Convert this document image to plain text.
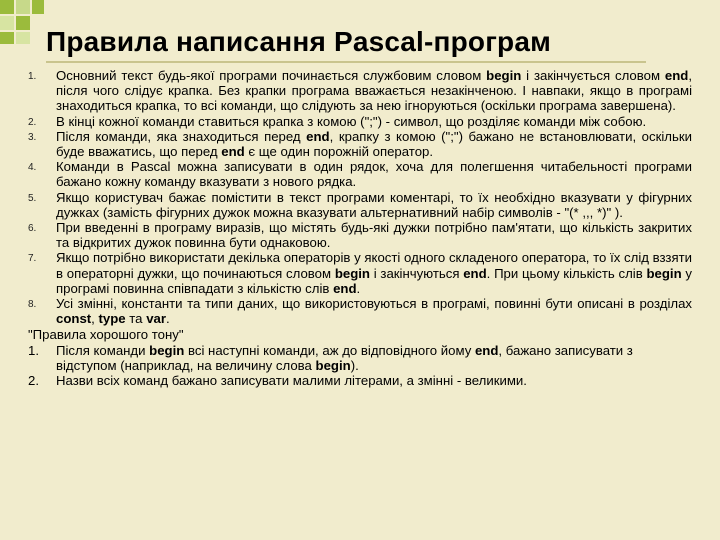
Правила написання Pascal-програм
1. Основний текст будь-якої програми починається службовим словом begin і закінчується словом end, після чого слідує крапка. Без крапки програма вважається незакінченою. І навпаки, якщо в програмі знаходиться крапка, то всі команди, що слідують за нею ігноруються (оскільки програма завершена).
2. В кінці кожної команди ставиться крапка з комою (";") - символ, що розділяє команди між собою.
3. Після команди, яка знаходиться перед end, крапку з комою (";") бажано не встановлювати, оскільки буде вважатись, що перед end є ще один порожній оператор.
4. Команди в Pascal можна записувати в один рядок, хоча для полегшення читабельності програми бажано кожну команду вказувати з нового рядка.
5. Якщо користувач бажає помістити в текст програми коментарі, то їх необхідно вказувати у фігурних дужках (замість фігурних дужок можна вказувати альтернативний набір символів - "(* ,,, *)" ).
6. При введенні в програму виразів, що містять будь-які дужки потрібно пам'ятати, що кількість закритих та відкритих дужок повинна бути однаковою.
7. Якщо потрібно використати декілька операторів у якості одного складеного оператора, то їх слід вззяти в операторні дужки, що починаються словом begin і закінчуються end. При цьому кількість слів begin у програмі повинна співпадати з кількістю слів end.
8. Усі змінні, константи та типи даних, що використовуються в програмі, повинні бути описані в розділах const, type та var.
"Правила хорошого тону"
1. Після команди begin всі наступні команди, аж до відповідного йому end, бажано записувати з відступом (наприклад, на величину слова begin).
2. Назви всіх команд бажано записувати малими літерами, а змінні - великими.
